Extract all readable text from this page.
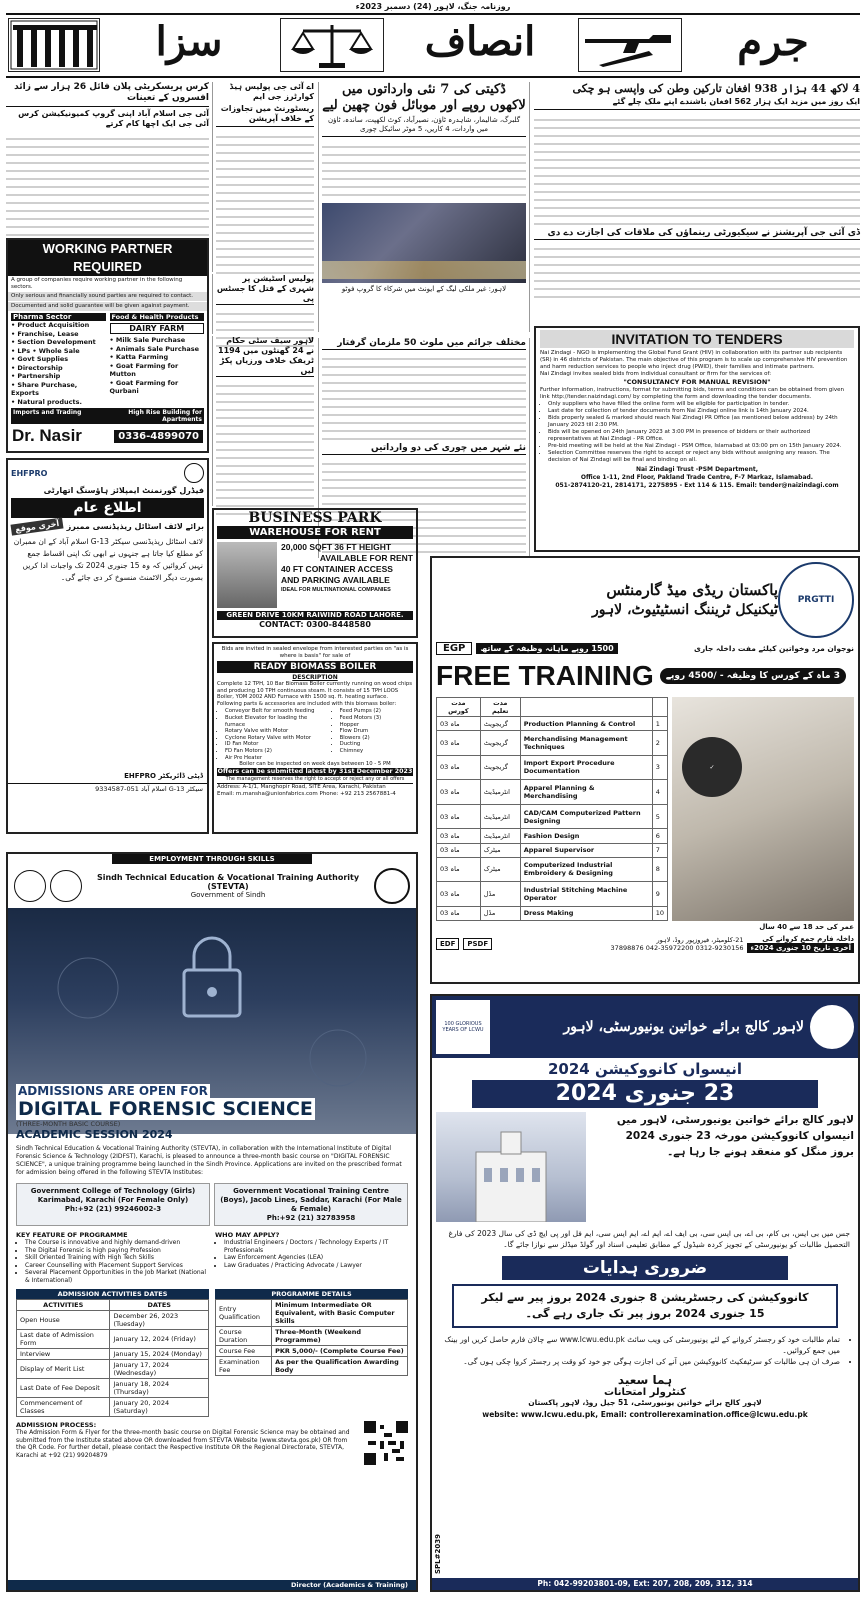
روزنامہ جنگ، لاہور (24) دسمبر 2023ء
سزا	انصاف	جرم
کرس پریسکریٹی پلان فائل 26 ہزار سے زائد افسروں کے تعینات
آئی جی اسلام آباد اپنی گروپ کمیونیکیشن کرس آئی جی ایک اچھا کام کرتے
اے آئی جی پولیس ہیڈ کوارٹرز جی ایم
ریسٹورنٹ میں تجاوزات کے خلاف آپریشن
پولیس اسٹیشن پر شہری کے قتل کا جسٹس پی
ڈکیتی کی 7 نئی وارداتوں میں لاکھوں روپے اور موبائل فون چھین لیے
گلبرگ، شالیمار، شاہدرہ ٹاؤن، نصیرآباد، کوٹ لکھپت، ساندہ، ٹاؤن میں واردات، 4 کاریں، 5 موٹر سائیکل چوری
لاہور: غیر ملکی لیگ کے ایونٹ میں شرکاء کا گروپ فوٹو
مختلف جرائم میں ملوث 50 ملزمان گرفتار
نئے شہر میں چوری کی دو وارداتیں
4 لاکھ 44 ہزار 938 افغان تارکین وطن کی واپسی ہو چکی
ایک روز میں مزید ایک ہزار 562 افغان باشندے اپنے ملک چلے گئے
ڈی آئی جی آپریشنز نے سیکیورٹی رینماؤں کی ملاقات کی اجازت دے دی
لاہور سیف سٹی حکام نے 24 گھنٹوں میں 1194 ٹریفک خلاف ورزیاں پکڑ لیں
WORKING PARTNER REQUIRED
A group of companies require working partner in the following sectors.
Only serious and financially sound parties are required to contact.
Documented and solid guarantee will be given against payment.
Pharma Sector
• Product Acquisition
• Franchise, Lease
• Section Development
• LPs • Whole Sale
• Govt Supplies
• Directorship
• Partnership
• Share Purchase, Exports
• Natural products.
Food & Health Products
DAIRY FARM
• Milk Sale Purchase
• Animals Sale Purchase
• Katta Farming
• Goat Farming for Mutton
• Goat Farming for Qurbani
Imports and Trading	High Rise Building for Apartments
Dr. Nasir	0336-4899070
EHFPRO
فیڈرل گورنمنٹ ایمپلائز ہاؤسنگ اتھارٹی
اطلاع عام
آخری موقع برائے لائف اسٹائل ریذیڈنسی ممبرز
لائف اسٹائل ریذیڈنسی سیکٹر G-13 اسلام آباد کے ان ممبران کو مطلع کیا جاتا ہے جنہوں نے ابھی تک اپنی اقساط جمع نہیں کروائیں کہ وہ 15 جنوری 2024 تک واجبات ادا کریں بصورت دیگر الاٹمنٹ منسوخ کر دی جائے گی۔
ڈپٹی ڈائریکٹر EHFPRO
سیکٹر G-13 اسلام آباد 051-9334587
BUSINESS PARK
WAREHOUSE FOR RENT
20,000 SQFT 36 FT HEIGHT
AVAILABLE FOR RENT
40 FT CONTAINER ACCESS
AND PARKING AVAILABLE
IDEAL FOR MULTINATIONAL COMPANIES
GREEN DRIVE 10KM RAIWIND ROAD LAHORE.
CONTACT: 0300-8448580
Bids are invited in sealed envelope from interested parties on "as is where is basis" for sale of
READY BIOMASS BOILER
DESCRIPTION
Complete 12 TPH, 10 Bar Biomass Boiler currently running on wood chips and producing 10 TPH continuous steam. It consists of 15 TPH LOOS Boiler, YOM 2002 AND Furnace with 1500 sq. ft. heating surface. Following parts & accessories are included with this biomass boiler:
• Conveyor Belt for smooth feeding
• Bucket Elevator for loading the furnace
• Rotary Valve with Motor
• Cyclone Rotary Valve with Motor
• ID Fan Motor
• FD Fan Motors (2)
• Air Pre Heater
• Feed Pumps (2)
• Feed Motors (3)
• Hopper
• Flow Drum
• Blowers (2)
• Ducting
• Chimney
Boiler can be inspected on week days between 10 - 5 PM
Offers can be submitted latest by 31st December 2023
The management reserves the right to accept or reject any or all offers
Address: A-1/1, Manghopir Road, SITE Area, Karachi, Pakistan
Email: m.mansha@unionfabrics.com Phone: +92 213 2567881-4
INVITATION TO TENDERS
Nai Zindagi - NGO is implementing the Global Fund Grant (HIV) in collaboration with its partner sub recipients (SR) in 46 districts of Pakistan. The main objective of this program is to scale up comprehensive HIV prevention and harm reduction services to people who inject drug (PWID), their families and intimate partners.
Nai Zindagi invites sealed bids from individual consultant or firm for the services of:
"CONSULTANCY FOR MANUAL REVISION"
Further information, instructions, format for submitting bids, terms and conditions can be obtained from given link http://tender.naizindagi.com/ by completing the form and downloading the tender documents.
• Only suppliers who have filled the online form will be eligible for participation in tender.
• Last date for collection of tender documents from Nai Zindagi online link is 14th January 2024.
• Bids properly sealed & marked should reach Nai Zindagi PR Office (as mentioned below address) by 24th January 2023 till 2:30 PM.
• Bids will be opened on 24th January 2023 at 3:00 PM in presence of bidders or their authorized representatives at Nai Zindagi - PR Office.
• Pre-bid meeting will be held at the Nai Zindagi - PSM Office, Islamabad at 03:00 pm on 15th January 2024.
• Selection Committee reserves the right to accept or reject any bids without assigning any reason. The decision of Nai Zindagi will be final and binding on all.
Nai Zindagi Trust -PSM Department,
Office 1-11, 2nd Floor, Pakland Trade Centre, F-7 Markaz, Islamabad.
051-2874120-21, 2814171, 2275895 - Ext 114 & 115. Email: tender@naizindagi.com
پاکستان ریڈی میڈ گارمنٹس
ٹیکنیکل ٹریننگ انسٹیٹیوٹ، لاہور
PRGTTI
EGP	1500 روپے ماہانہ وظیفہ کے ساتھ	نوجوان مرد وخواتین کیلئے مفت داخلہ جاری
FREE TRAINING	3 ماہ کے کورس کا وظیفہ - /4500 روپے
مدت کورس	مدت تعلیم		
03 ماہ	گریجویٹ	Production Planning & Control	1
03 ماہ	گریجویٹ	Merchandising Management Techniques	2
03 ماہ	گریجویٹ	Import Export Procedure Documentation	3
03 ماہ	انٹرمیڈیٹ	Apparel Planning & Merchandising	4
03 ماہ	انٹرمیڈیٹ	CAD/CAM Computerized Pattern Designing	5
03 ماہ	انٹرمیڈیٹ	Fashion Design	6
03 ماہ	میٹرک	Apparel Supervisor	7
03 ماہ	میٹرک	Computerized Industrial Embroidery & Designing	8
03 ماہ	مڈل	Industrial Stitching Machine Operator	9
03 ماہ	مڈل	Dress Making	10
✓
عمر کی حد 18 سے 40 سال
EDF	PSDF	21-کلومیٹر، فیروزپور روڈ، لاہور
0312-9230156 042-35972200 37898876
داخلہ فارم جمع کروانے کی
آخری تاریخ 10 جنوری 2024ء
EMPLOYMENT THROUGH SKILLS
Sindh Technical Education & Vocational Training Authority (STEVTA)
Government of Sindh
ADMISSIONS ARE OPEN FOR DIGITAL FORENSIC SCIENCE
(THREE-MONTH BASIC COURSE)
ACADEMIC SESSION 2024
Sindh Technical Education & Vocational Training Authority (STEVTA), in collaboration with the International Institute of Digital Forensic Science & Technology (2IDFST), Karachi, is pleased to announce a three-month basic course on "DIGITAL FORENSIC SCIENCE", a unique training programme being launched in the Sindh Province. Applications are invited on the prescribed format for admission being offered in the following STEVTA Institutes:
Government College of Technology (Girls) Karimabad, Karachi (For Female Only)
Ph:+92 (21) 99246002-3
Government Vocational Training Centre (Boys), Jacob Lines, Saddar, Karachi (For Male & Female)
Ph:+92 (21) 32783958
KEY FEATURE OF PROGRAMME
• The Course is innovative and highly demand-driven
• The Digital Forensic is high paying Profession
• Skill Oriented Training with High Tech Skills
• Career Counselling with Placement Support Services
• Several Placement Opportunities in the Job Market (National & International)
WHO MAY APPLY?
• Industrial Engineers / Doctors / Technology Experts / IT Professionals
• Law Enforcement Agencies (LEA)
• Law Graduates / Practicing Advocate / Lawyer
ADMISSION ACTIVITIES DATES
ACTIVITIES	DATES
Open House	December 26, 2023 (Tuesday)
Last date of Admission Form	January 12, 2024 (Friday)
Interview	January 15, 2024 (Monday)
Display of Merit List	January 17, 2024 (Wednesday)
Last Date of Fee Deposit	January 18, 2024 (Thursday)
Commencement of Classes	January 20, 2024 (Saturday)
PROGRAMME DETAILS
Entry Qualification	Minimum Intermediate OR Equivalent, with Basic Computer Skills
Course Duration	Three-Month (Weekend Programme)
Course Fee	PKR 5,000/- (Complete Course Fee)
Examination Fee	As per the Qualification Awarding Body
ADMISSION PROCESS:
The Admission Form & Flyer for the three-month basic course on Digital Forensic Science may be obtained and submitted from the Institute stated above OR downloaded from STEVTA Website (www.stevta.gos.pk) OR from the QR Code. For further detail, please contact the Respective Institute OR the Regional Directorate, STEVTA, Karachi at +92 (21) 99204879
Director (Academics & Training)
100 GLORIOUS YEARS OF LCWU	لاہور کالج برائے خواتین یونیورسٹی، لاہور
انیسواں کانووکیشن 2024
23 جنوری 2024
لاہور کالج برائے خواتین یونیورسٹی، لاہور میں
انیسواں کانووکیشن مورخہ 23 جنوری 2024
بروز منگل کو منعقد ہونے جا رہا ہے۔
جس میں بی ایس، بی کام، بی اے، بی ایس سی، بی ایف اے، ایم اے، ایم ایس سی، ایم فل اور پی ایچ ڈی کی سال 2023 کی فارغ التحصیل طالبات کو یونیورسٹی کے تجویز کردہ شیڈول کے مطابق تعلیمی اسناد اور گولڈ میڈلز سے نوازا جائے گا۔
ضروری ہدایات
کانووکیشن کی رجسٹریشن 8 جنوری 2024 بروز پیر سے لیکر
15 جنوری 2024 بروز پیر تک جاری رہے گی۔
• تمام طالبات خود کو رجسٹر کروانے کے لئے یونیورسٹی کی ویب سائٹ www.lcwu.edu.pk سے چالان فارم حاصل کریں اور بینک میں جمع کروائیں۔
• صرف ان ہی طالبات کو سرٹیفکیٹ کانووکیشن میں آنے کی اجازت ہوگی جو خود کو وقت پر رجسٹر کروا چکی ہوں گی۔
ہما سعید
کنٹرولر امتحانات
لاہور کالج برائے خواتین یونیورسٹی، 51 جیل روڈ، لاہور پاکستان
website: www.lcwu.edu.pk, Email: controllerexamination.office@lcwu.edu.pk
Ph: 042-99203801-09, Ext: 207, 208, 209, 312, 314
SPL#2039
